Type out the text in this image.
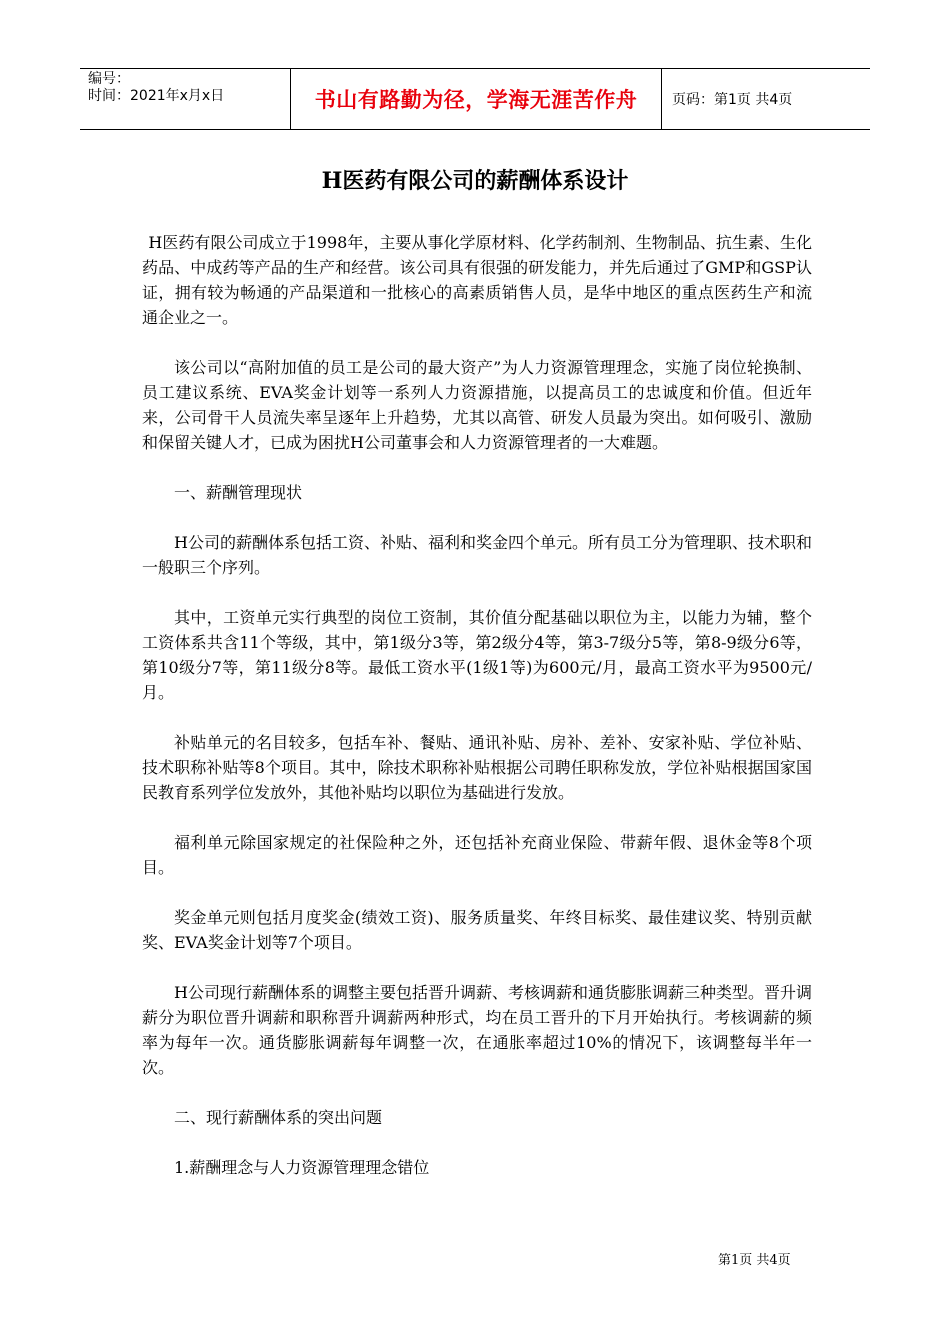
编号：
时间：2021年x月x日	书山有路勤为径，学海无涯苦作舟	页码：第1页 共4页
H医药有限公司的薪酬体系设计

H医药有限公司成立于1998年，主要从事化学原材料、化学药制剂、生物制品、抗生素、生化药品、中成药等产品的生产和经营。该公司具有很强的研发能力，并先后通过了GMP和GSP认证，拥有较为畅通的产品渠道和一批核心的高素质销售人员，是华中地区的重点医药生产和流通企业之一。

该公司以“高附加值的员工是公司的最大资产”为人力资源管理理念，实施了岗位轮换制、员工建议系统、EVA奖金计划等一系列人力资源措施，以提高员工的忠诚度和价值。但近年来，公司骨干人员流失率呈逐年上升趋势，尤其以高管、研发人员最为突出。如何吸引、激励和保留关键人才，已成为困扰H公司董事会和人力资源管理者的一大难题。

一、薪酬管理现状

H公司的薪酬体系包括工资、补贴、福利和奖金四个单元。所有员工分为管理职、技术职和一般职三个序列。

其中，工资单元实行典型的岗位工资制，其价值分配基础以职位为主，以能力为辅，整个工资体系共含11个等级，其中，第1级分3等，第2级分4等，第3-7级分5等，第8-9级分6等，第10级分7等，第11级分8等。最低工资水平(1级1等)为600元/月，最高工资水平为9500元/月。

补贴单元的名目较多，包括车补、餐贴、通讯补贴、房补、差补、安家补贴、学位补贴、技术职称补贴等8个项目。其中，除技术职称补贴根据公司聘任职称发放，学位补贴根据国家国民教育系列学位发放外，其他补贴均以职位为基础进行发放。

福利单元除国家规定的社保险种之外，还包括补充商业保险、带薪年假、退休金等8个项目。

奖金单元则包括月度奖金(绩效工资)、服务质量奖、年终目标奖、最佳建议奖、特别贡献奖、EVA奖金计划等7个项目。

H公司现行薪酬体系的调整主要包括晋升调薪、考核调薪和通货膨胀调薪三种类型。晋升调薪分为职位晋升调薪和职称晋升调薪两种形式，均在员工晋升的下月开始执行。考核调薪的频率为每年一次。通货膨胀调薪每年调整一次，在通胀率超过10%的情况下，该调整每半年一次。

二、现行薪酬体系的突出问题

1.薪酬理念与人力资源管理理念错位

第1页 共4页
